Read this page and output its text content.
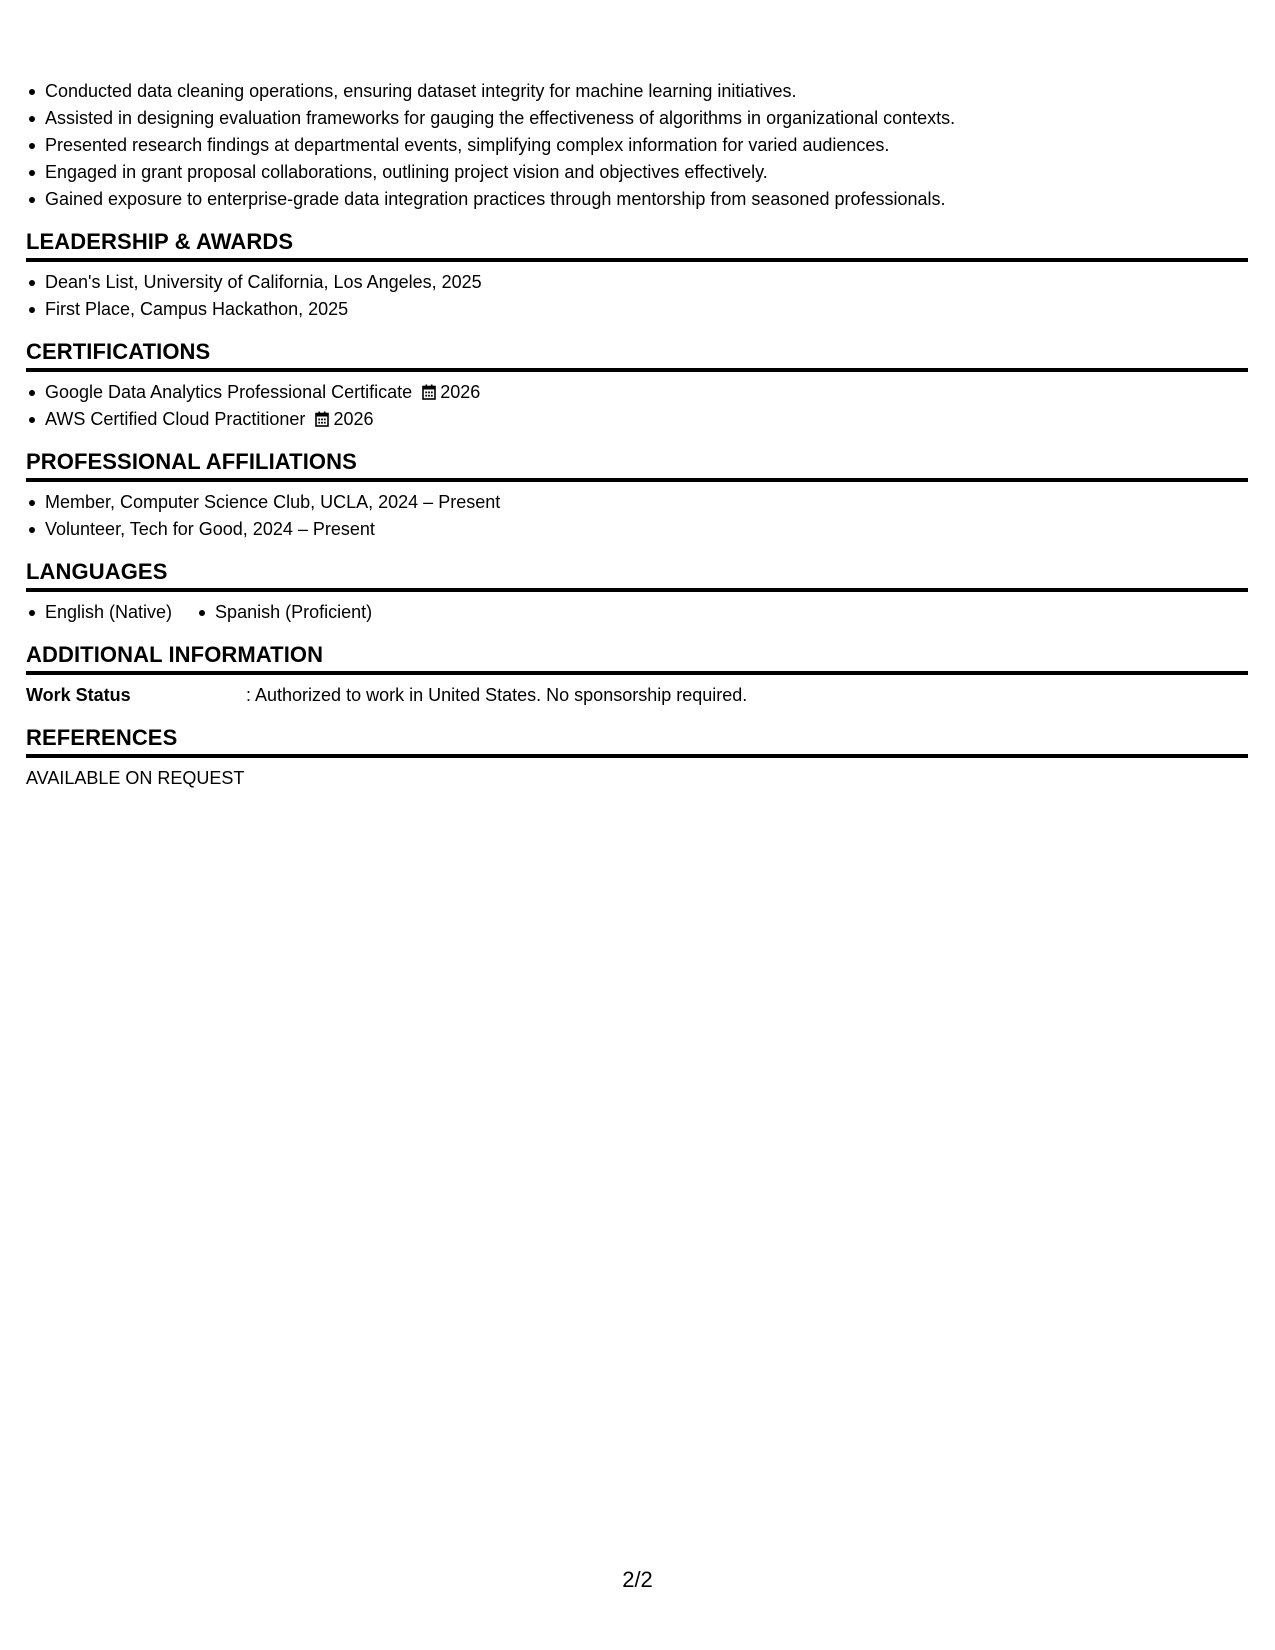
Conducted data cleaning operations, ensuring dataset integrity for machine learning initiatives.
Assisted in designing evaluation frameworks for gauging the effectiveness of algorithms in organizational contexts.
Presented research findings at departmental events, simplifying complex information for varied audiences.
Engaged in grant proposal collaborations, outlining project vision and objectives effectively.
Gained exposure to enterprise-grade data integration practices through mentorship from seasoned professionals.
LEADERSHIP & AWARDS
Dean's List, University of California, Los Angeles, 2025
First Place, Campus Hackathon, 2025
CERTIFICATIONS
Google Data Analytics Professional Certificate 2026
AWS Certified Cloud Practitioner 2026
PROFESSIONAL AFFILIATIONS
Member, Computer Science Club, UCLA, 2024 – Present
Volunteer, Tech for Good, 2024 – Present
LANGUAGES
English (Native)	Spanish (Proficient)
ADDITIONAL INFORMATION
Work Status	: Authorized to work in United States. No sponsorship required.
REFERENCES
AVAILABLE ON REQUEST
2/2
